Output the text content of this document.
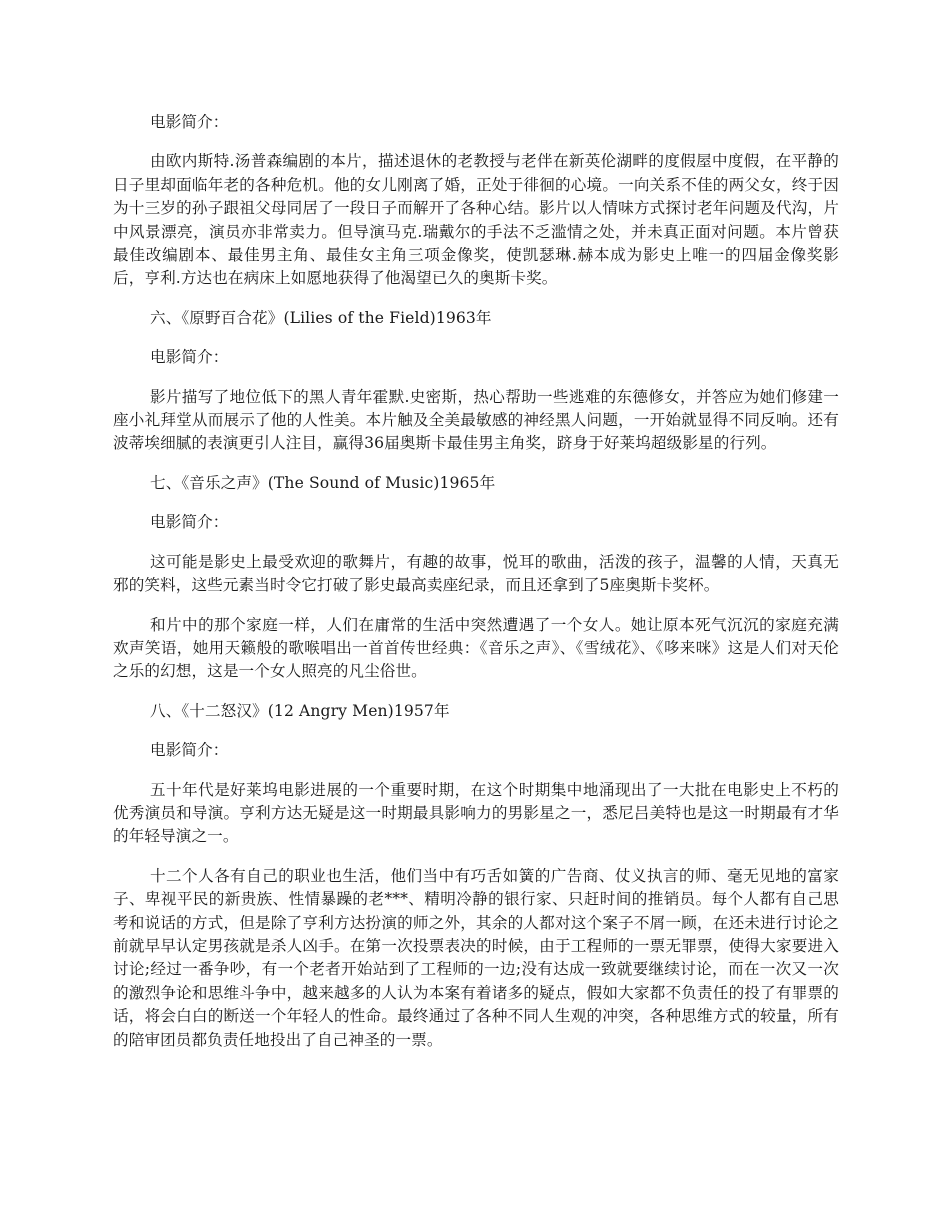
电影简介：

由欧内斯特.汤普森编剧的本片，描述退休的老教授与老伴在新英伦湖畔的度假屋中度假，在平静的日子里却面临年老的各种危机。他的女儿刚离了婚，正处于徘徊的心境。一向关系不佳的两父女，终于因为十三岁的孙子跟祖父母同居了一段日子而解开了各种心结。影片以人情味方式探讨老年问题及代沟，片中风景漂亮，演员亦非常卖力。但导演马克.瑞戴尔的手法不乏滥情之处，并未真正面对问题。本片曾获最佳改编剧本、最佳男主角、最佳女主角三项金像奖，使凯瑟琳.赫本成为影史上唯一的四届金像奖影后，亨利.方达也在病床上如愿地获得了他渴望已久的奥斯卡奖。

六、《原野百合花》(Lilies of the Field)1963年

电影简介：

影片描写了地位低下的黑人青年霍默.史密斯，热心帮助一些逃难的东德修女，并答应为她们修建一座小礼拜堂从而展示了他的人性美。本片触及全美最敏感的神经黑人问题，一开始就显得不同反响。还有波蒂埃细腻的表演更引人注目，赢得36届奥斯卡最佳男主角奖，跻身于好莱坞超级影星的行列。

七、《音乐之声》(The Sound of Music)1965年

电影简介：

这可能是影史上最受欢迎的歌舞片，有趣的故事，悦耳的歌曲，活泼的孩子，温馨的人情，天真无邪的笑料，这些元素当时令它打破了影史最高卖座纪录，而且还拿到了5座奥斯卡奖杯。

和片中的那个家庭一样，人们在庸常的生活中突然遭遇了一个女人。她让原本死气沉沉的家庭充满欢声笑语，她用天籁般的歌喉唱出一首首传世经典：《音乐之声》、《雪绒花》、《哆来咪》这是人们对天伦之乐的幻想，这是一个女人照亮的凡尘俗世。

八、《十二怒汉》(12 Angry Men)1957年

电影简介：

五十年代是好莱坞电影进展的一个重要时期，在这个时期集中地涌现出了一大批在电影史上不朽的优秀演员和导演。亨利方达无疑是这一时期最具影响力的男影星之一，悉尼吕美特也是这一时期最有才华的年轻导演之一。

十二个人各有自己的职业也生活，他们当中有巧舌如簧的广告商、仗义执言的师、毫无见地的富家子、卑视平民的新贵族、性情暴躁的老***、精明冷静的银行家、只赶时间的推销员。每个人都有自己思考和说话的方式，但是除了亨利方达扮演的师之外，其余的人都对这个案子不屑一顾，在还未进行讨论之前就早早认定男孩就是杀人凶手。在第一次投票表决的时候，由于工程师的一票无罪票，使得大家要进入讨论;经过一番争吵，有一个老者开始站到了工程师的一边;没有达成一致就要继续讨论，而在一次又一次的激烈争论和思维斗争中，越来越多的人认为本案有着诸多的疑点，假如大家都不负责任的投了有罪票的话，将会白白的断送一个年轻人的性命。最终通过了各种不同人生观的冲突，各种思维方式的较量，所有的陪审团员都负责任地投出了自己神圣的一票。
